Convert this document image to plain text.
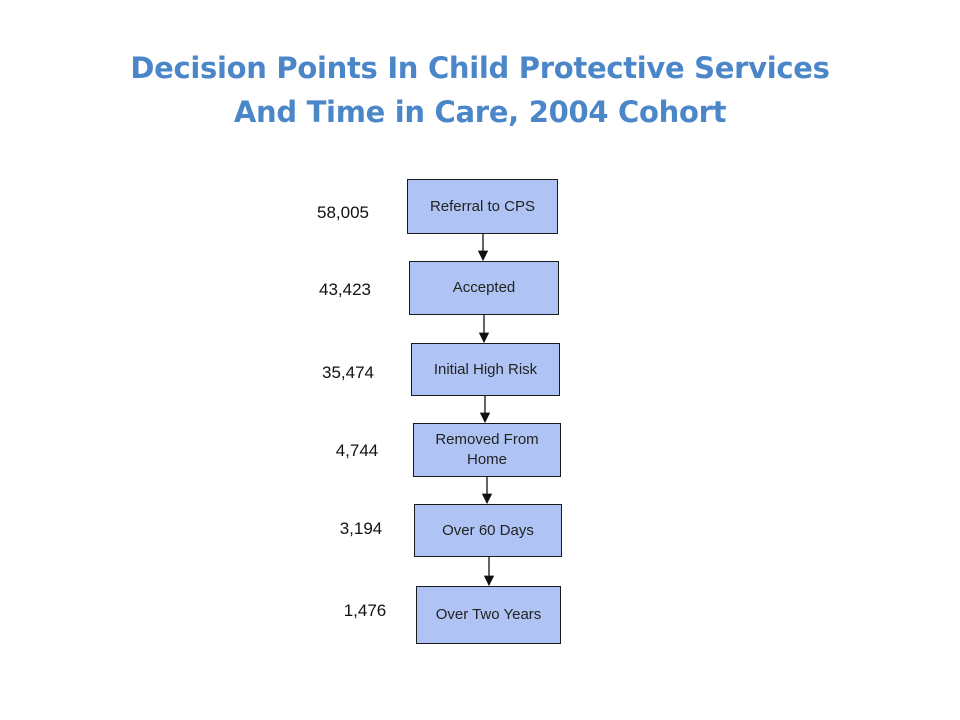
Decision Points In Child Protective Services
And Time in Care, 2004 Cohort
Referral to CPS
58,005
Accepted
43,423
Initial High Risk
35,474
Removed From Home
4,744
Over 60 Days
3,194
Over Two Years
1,476
